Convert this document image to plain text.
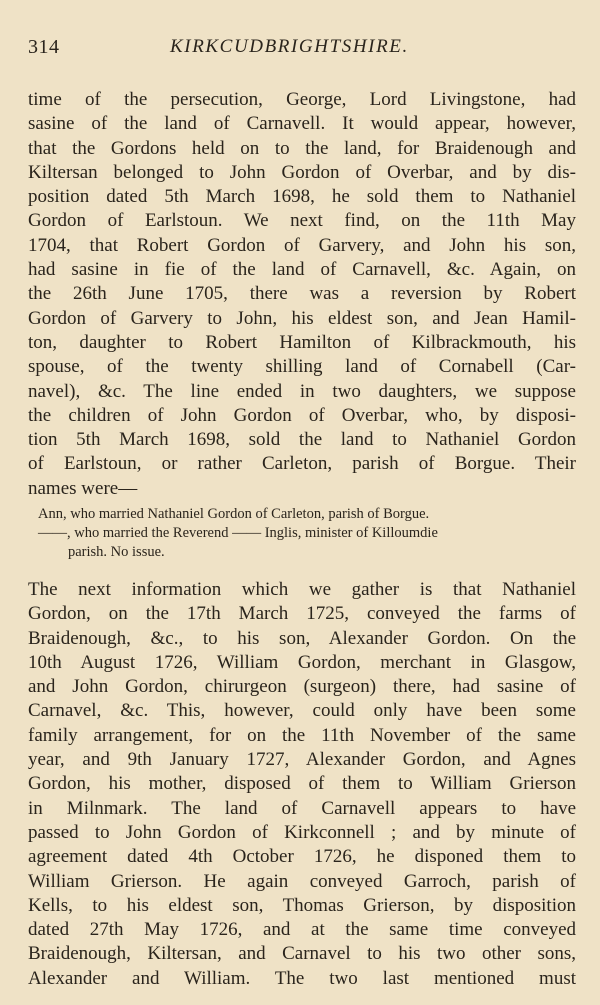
314	KIRKCUDBRIGHTSHIRE.
time of the persecution, George, Lord Livingstone, had
sasine of the land of Carnavell. It would appear, however,
that the Gordons held on to the land, for Braidenough and
Kiltersan belonged to John Gordon of Overbar, and by dis-
position dated 5th March 1698, he sold them to Nathaniel
Gordon of Earlstoun. We next find, on the 11th May
1704, that Robert Gordon of Garvery, and John his son,
had sasine in fie of the land of Carnavell, &c. Again, on
the 26th June 1705, there was a reversion by Robert
Gordon of Garvery to John, his eldest son, and Jean Hamil-
ton, daughter to Robert Hamilton of Kilbrackmouth, his
spouse, of the twenty shilling land of Cornabell (Car-
navel), &c. The line ended in two daughters, we suppose
the children of John Gordon of Overbar, who, by disposi-
tion 5th March 1698, sold the land to Nathaniel Gordon
of Earlstoun, or rather Carleton, parish of Borgue. Their
names were—
Ann, who married Nathaniel Gordon of Carleton, parish of Borgue.
——, who married the Reverend —— Inglis, minister of Killoumdie
parish. No issue.
The next information which we gather is that Nathaniel
Gordon, on the 17th March 1725, conveyed the farms of
Braidenough, &c., to his son, Alexander Gordon. On the
10th August 1726, William Gordon, merchant in Glasgow,
and John Gordon, chirurgeon (surgeon) there, had sasine of
Carnavel, &c. This, however, could only have been some
family arrangement, for on the 11th November of the same
year, and 9th January 1727, Alexander Gordon, and Agnes
Gordon, his mother, disposed of them to William Grierson
in Milnmark. The land of Carnavell appears to have
passed to John Gordon of Kirkconnell ; and by minute of
agreement dated 4th October 1726, he disponed them to
William Grierson. He again conveyed Garroch, parish of
Kells, to his eldest son, Thomas Grierson, by disposition
dated 27th May 1726, and at the same time conveyed
Braidenough, Kiltersan, and Carnavel to his two other sons,
Alexander and William. The two last mentioned must
